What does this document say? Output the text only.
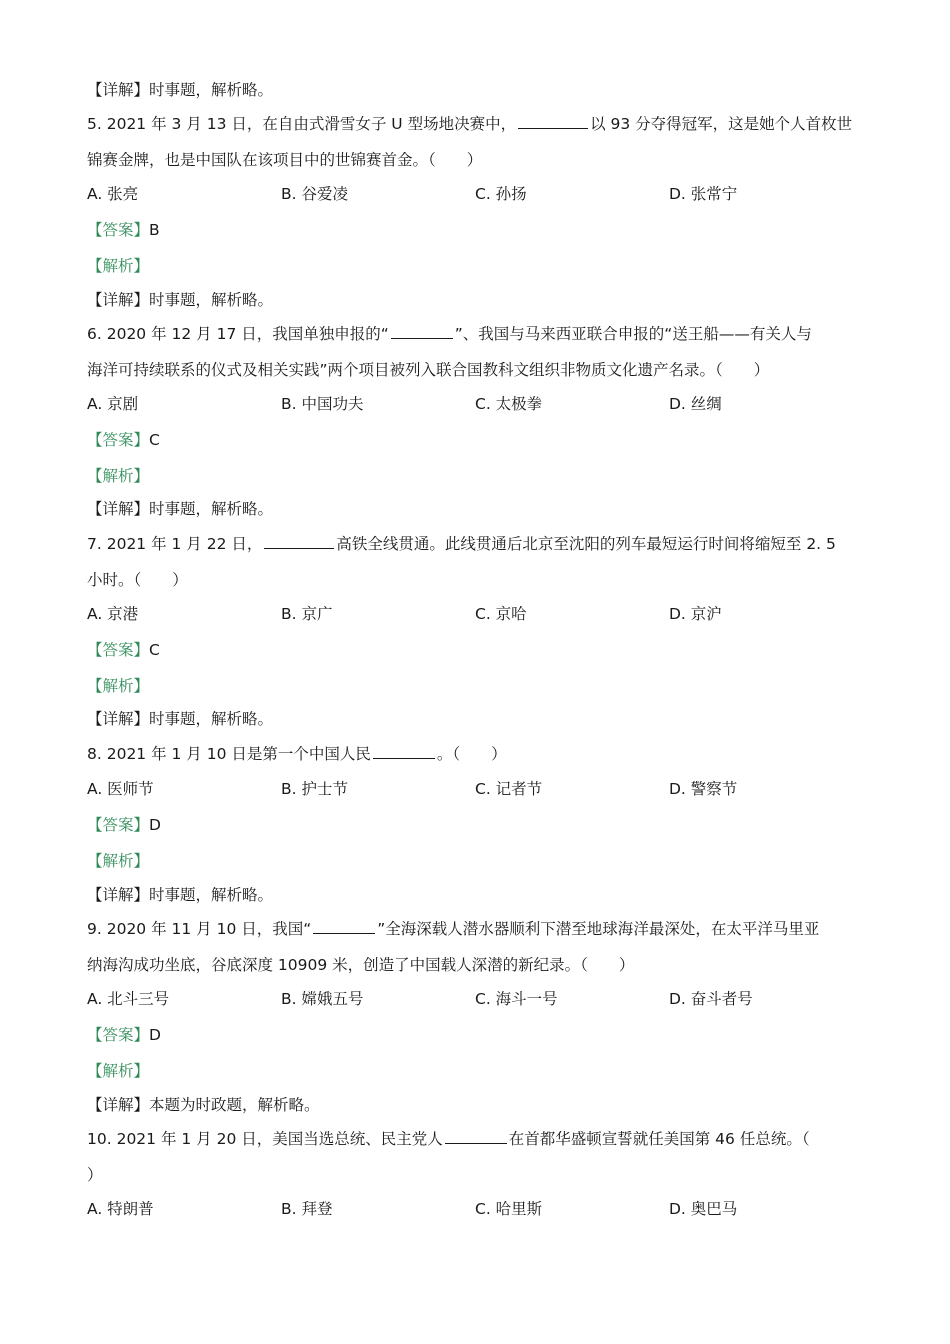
【详解】时事题，解析略。
5. 2021 年 3 月 13 日，在自由式滑雪女子 U 型场地决赛中，	以 93 分夺得冠军，这是她个人首枚世
锦赛金牌，也是中国队在该项目中的世锦赛首金。（　　）
A. 张亮	B. 谷爱凌	C. 孙扬	D. 张常宁
【答案】B
【解析】
【详解】时事题，解析略。
6. 2020 年 12 月 17 日，我国单独申报的“	”、我国与马来西亚联合申报的“送王船——有关人与
海洋可持续联系的仪式及相关实践”两个项目被列入联合国教科文组织非物质文化遗产名录。（　　）
A. 京剧	B. 中国功夫	C. 太极拳	D. 丝绸
【答案】C
【解析】
【详解】时事题，解析略。
7. 2021 年 1 月 22 日，	高铁全线贯通。此线贯通后北京至沈阳的列车最短运行时间将缩短至 2. 5
小时。（　　）
A. 京港	B. 京广	C. 京哈	D. 京沪
【答案】C
【解析】
【详解】时事题，解析略。
8. 2021 年 1 月 10 日是第一个中国人民	。（　　）
A. 医师节	B. 护士节	C. 记者节	D. 警察节
【答案】D
【解析】
【详解】时事题，解析略。
9. 2020 年 11 月 10 日，我国“	”全海深载人潜水器顺利下潜至地球海洋最深处，在太平洋马里亚
纳海沟成功坐底，谷底深度 10909 米，创造了中国载人深潜的新纪录。（　　）
A. 北斗三号	B. 嫦娥五号	C. 海斗一号	D. 奋斗者号
【答案】D
【解析】
【详解】本题为时政题，解析略。
10. 2021 年 1 月 20 日，美国当选总统、民主党人	在首都华盛顿宣誓就任美国第 46 任总统。（
）
A. 特朗普	B. 拜登	C. 哈里斯	D. 奥巴马
